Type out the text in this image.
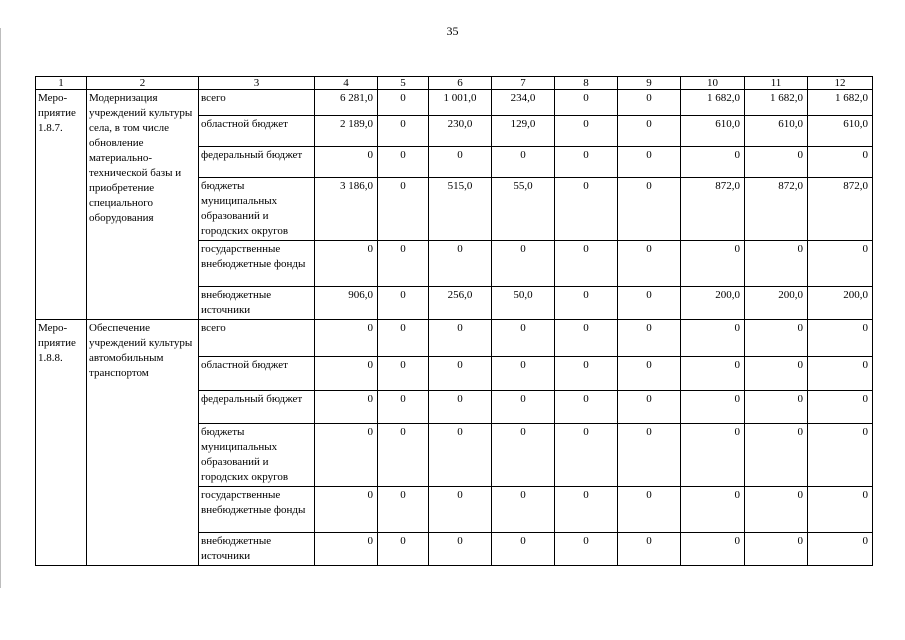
35
1	2	3	4	5	6	7	8	9	10	11	12
Меро-
приятие
1.8.7.	Модернизация учреждений культуры села, в том числе обновление материально-технической базы и приобретение специального оборудования	всего	6 281,0	0	1 001,0	234,0	0	0	1 682,0	1 682,0	1 682,0
		областной бюджет	2 189,0	0	230,0	129,0	0	0	610,0	610,0	610,0
		федеральный бюджет	0	0	0	0	0	0	0	0	0
		бюджеты муниципальных образований и городских округов	3 186,0	0	515,0	55,0	0	0	872,0	872,0	872,0
		государственные внебюджетные фонды	0	0	0	0	0	0	0	0	0
		внебюджетные источники	906,0	0	256,0	50,0	0	0	200,0	200,0	200,0
Меро-
приятие
1.8.8.	Обеспечение учреждений культуры автомобильным транспортом	всего	0	0	0	0	0	0	0	0	0
		областной бюджет	0	0	0	0	0	0	0	0	0
		федеральный бюджет	0	0	0	0	0	0	0	0	0
		бюджеты муниципальных образований и городских округов	0	0	0	0	0	0	0	0	0
		государственные внебюджетные фонды	0	0	0	0	0	0	0	0	0
		внебюджетные источники	0	0	0	0	0	0	0	0	0
